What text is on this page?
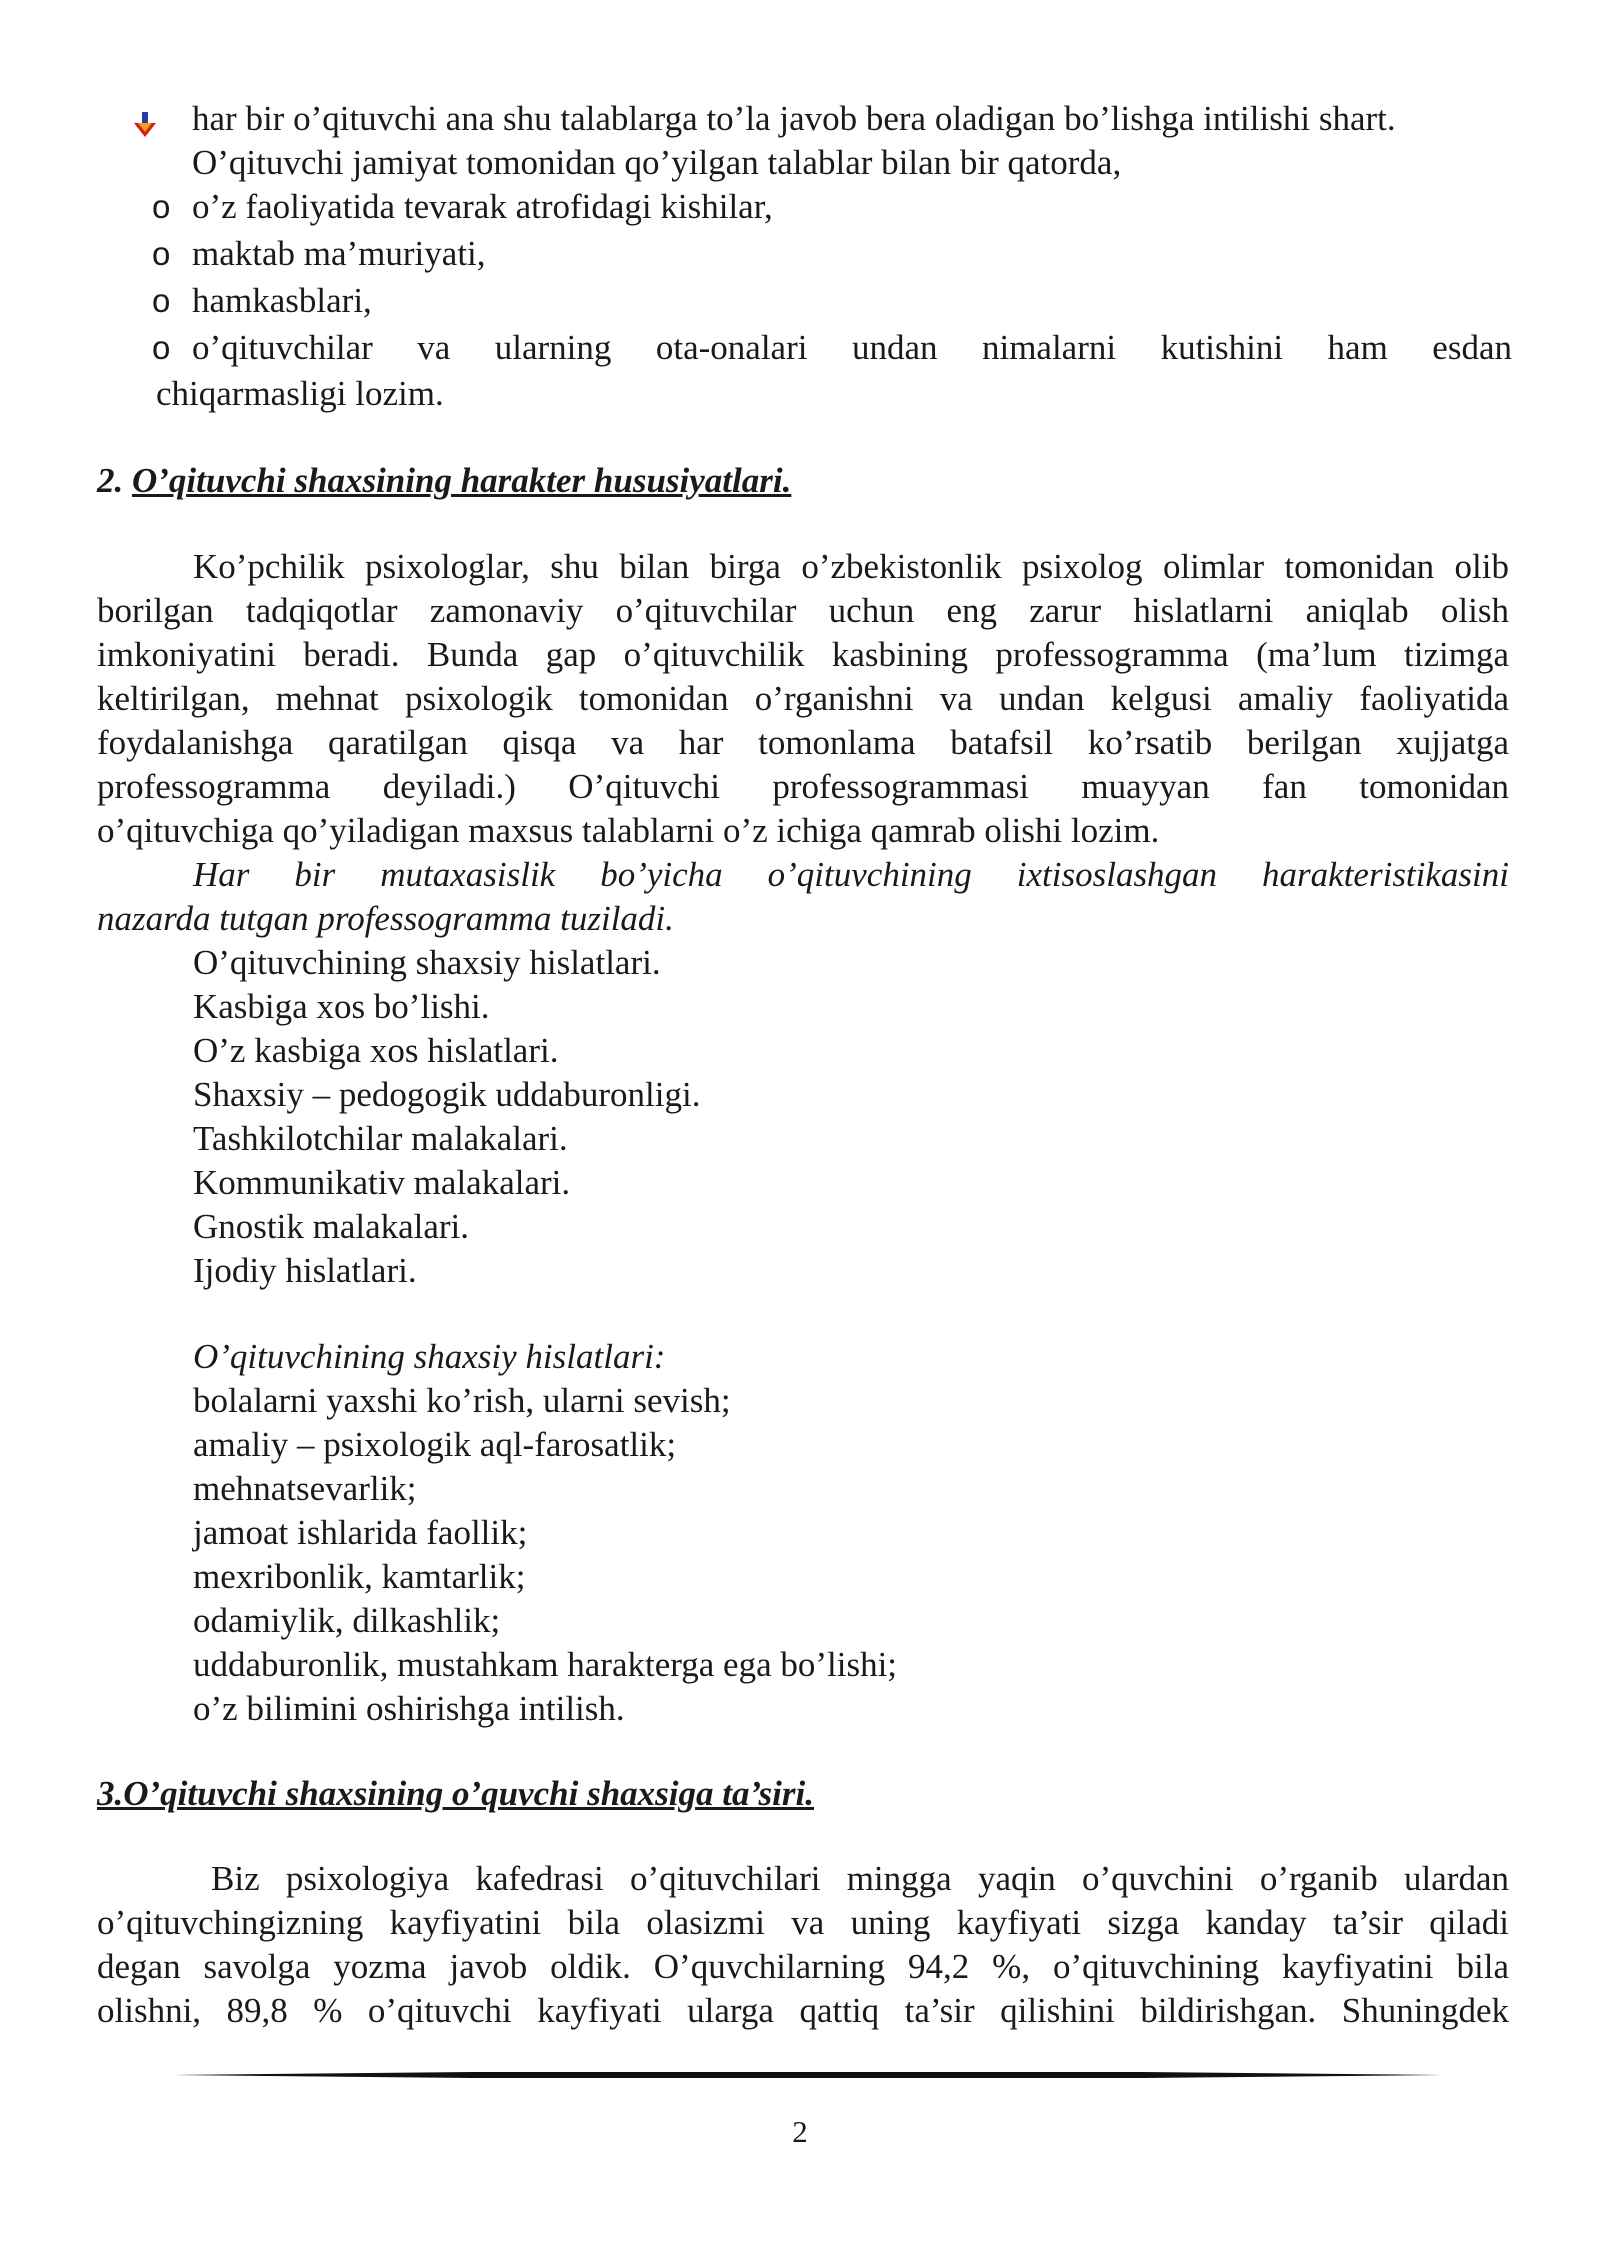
har bir o’qituvchi ana shu talablarga to’la javob bera oladigan bo’lishga intilishi shart.
O’qituvchi jamiyat tomonidan qo’yilgan talablar bilan bir qatorda,
o o’z faoliyatida tevarak atrofidagi kishilar,
o maktab ma’muriyati,
o hamkasblari,
o o’qituvchilar va ularning ota-onalari undan nimalarni kutishini ham esdan
chiqarmasligi lozim.
2. O’qituvchi shaxsining harakter hususiyatlari.
Ko’pchilik psixologlar, shu bilan birga o’zbekistonlik psixolog olimlar tomonidan olib
borilgan tadqiqotlar zamonaviy o’qituvchilar uchun eng zarur hislatlarni aniqlab olish
imkoniyatini beradi. Bunda gap o’qituvchilik kasbining professogramma (ma’lum tizimga
keltirilgan, mehnat psixologik tomonidan o’rganishni va undan kelgusi amaliy faoliyatida
foydalanishga qaratilgan qisqa va har tomonlama batafsil ko’rsatib berilgan xujjatga
professogramma deyiladi.) O’qituvchi professogrammasi muayyan fan tomonidan
o’qituvchiga qo’yiladigan maxsus talablarni o’z ichiga qamrab olishi lozim.
Har bir mutaxasislik bo’yicha o’qituvchining ixtisoslashgan harakteristikasini
nazarda tutgan professogramma tuziladi.
O’qituvchining shaxsiy hislatlari.
Kasbiga xos bo’lishi.
O’z kasbiga xos hislatlari.
Shaxsiy – pedogogik uddaburonligi.
Tashkilotchilar malakalari.
Kommunikativ malakalari.
Gnostik malakalari.
Ijodiy hislatlari.
O’qituvchining shaxsiy hislatlari:
bolalarni yaxshi ko’rish, ularni sevish;
amaliy – psixologik aql-farosatlik;
mehnatsevarlik;
jamoat ishlarida faollik;
mexribonlik, kamtarlik;
odamiylik, dilkashlik;
uddaburonlik, mustahkam harakterga ega bo’lishi;
o’z bilimini oshirishga intilish.
3.O’qituvchi shaxsining o’quvchi shaxsiga ta’siri.
Biz psixologiya kafedrasi o’qituvchilari mingga yaqin o’quvchini o’rganib ulardan
o’qituvchingizning kayfiyatini bila olasizmi va uning kayfiyati sizga kanday ta’sir qiladi
degan savolga yozma javob oldik. O’quvchilarning 94,2 %, o’qituvchining kayfiyatini bila
olishni, 89,8 % o’qituvchi kayfiyati ularga qattiq ta’sir qilishini bildirishgan. Shuningdek
2
